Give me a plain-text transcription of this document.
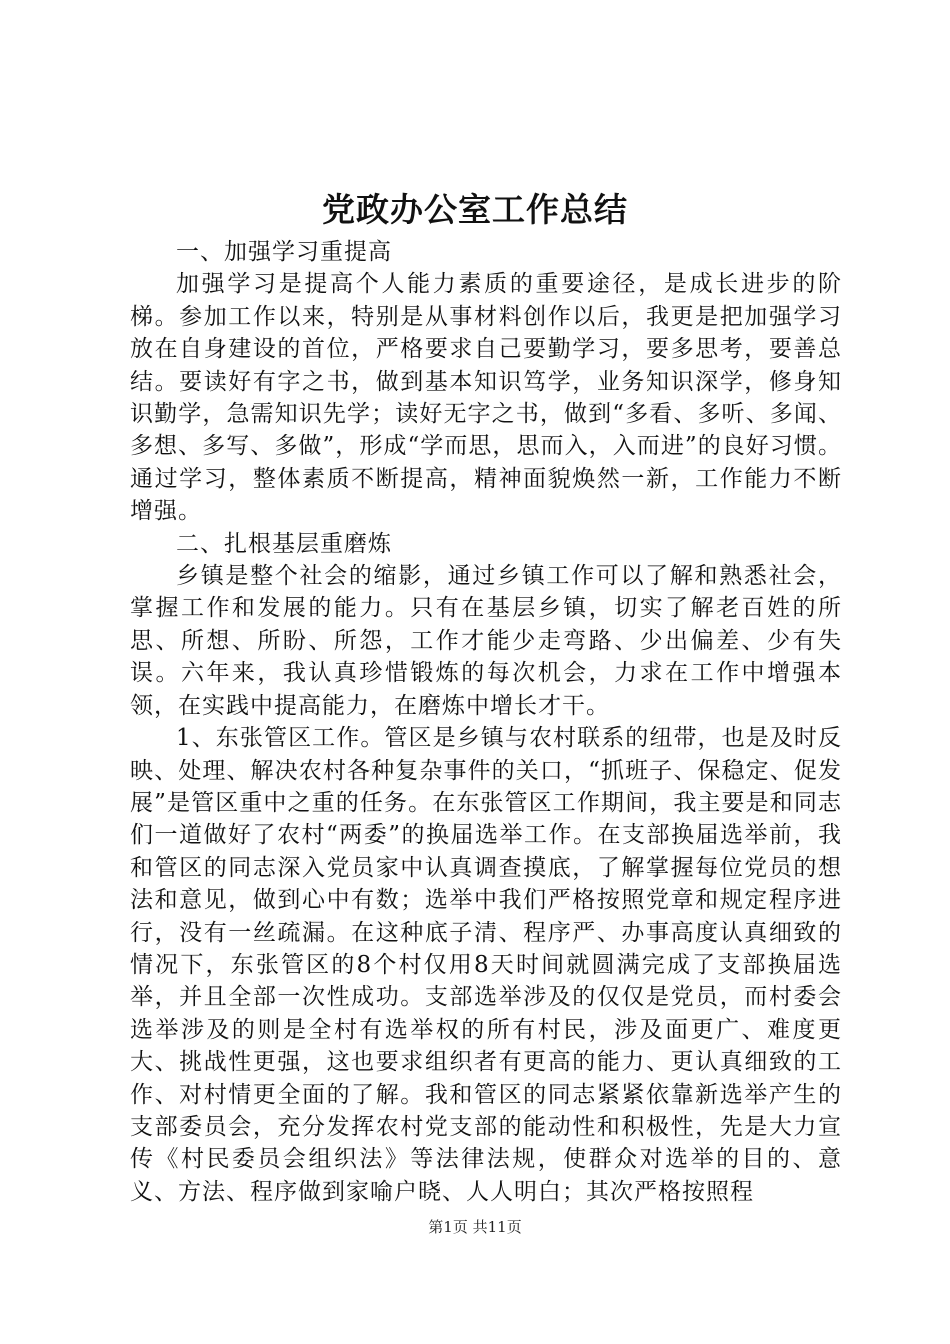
党政办公室工作总结

一、加强学习重提高

加强学习是提高个人能力素质的重要途径，是成长进步的阶梯。参加工作以来，特别是从事材料创作以后，我更是把加强学习放在自身建设的首位，严格要求自己要勤学习，要多思考，要善总结。要读好有字之书，做到基本知识笃学，业务知识深学，修身知识勤学，急需知识先学；读好无字之书，做到“多看、多听、多闻、多想、多写、多做”，形成“学而思，思而入，入而进”的良好习惯。通过学习，整体素质不断提高，精神面貌焕然一新，工作能力不断增强。

二、扎根基层重磨炼

乡镇是整个社会的缩影，通过乡镇工作可以了解和熟悉社会，掌握工作和发展的能力。只有在基层乡镇，切实了解老百姓的所思、所想、所盼、所怨，工作才能少走弯路、少出偏差、少有失误。六年来，我认真珍惜锻炼的每次机会，力求在工作中增强本领，在实践中提高能力，在磨炼中增长才干。

1、东张管区工作。管区是乡镇与农村联系的纽带，也是及时反映、处理、解决农村各种复杂事件的关口，“抓班子、保稳定、促发展”是管区重中之重的任务。在东张管区工作期间，我主要是和同志们一道做好了农村“两委”的换届选举工作。在支部换届选举前，我和管区的同志深入党员家中认真调查摸底，了解掌握每位党员的想法和意见，做到心中有数；选举中我们严格按照党章和规定程序进行，没有一丝疏漏。在这种底子清、程序严、办事高度认真细致的情况下，东张管区的8个村仅用8天时间就圆满完成了支部换届选举，并且全部一次性成功。支部选举涉及的仅仅是党员，而村委会选举涉及的则是全村有选举权的所有村民，涉及面更广、难度更大、挑战性更强，这也要求组织者有更高的能力、更认真细致的工作、对村情更全面的了解。我和管区的同志紧紧依靠新选举产生的支部委员会，充分发挥农村党支部的能动性和积极性，先是大力宣传《村民委员会组织法》等法律法规，使群众对选举的目的、意义、方法、程序做到家喻户晓、人人明白；其次严格按照程

第1页 共11页
